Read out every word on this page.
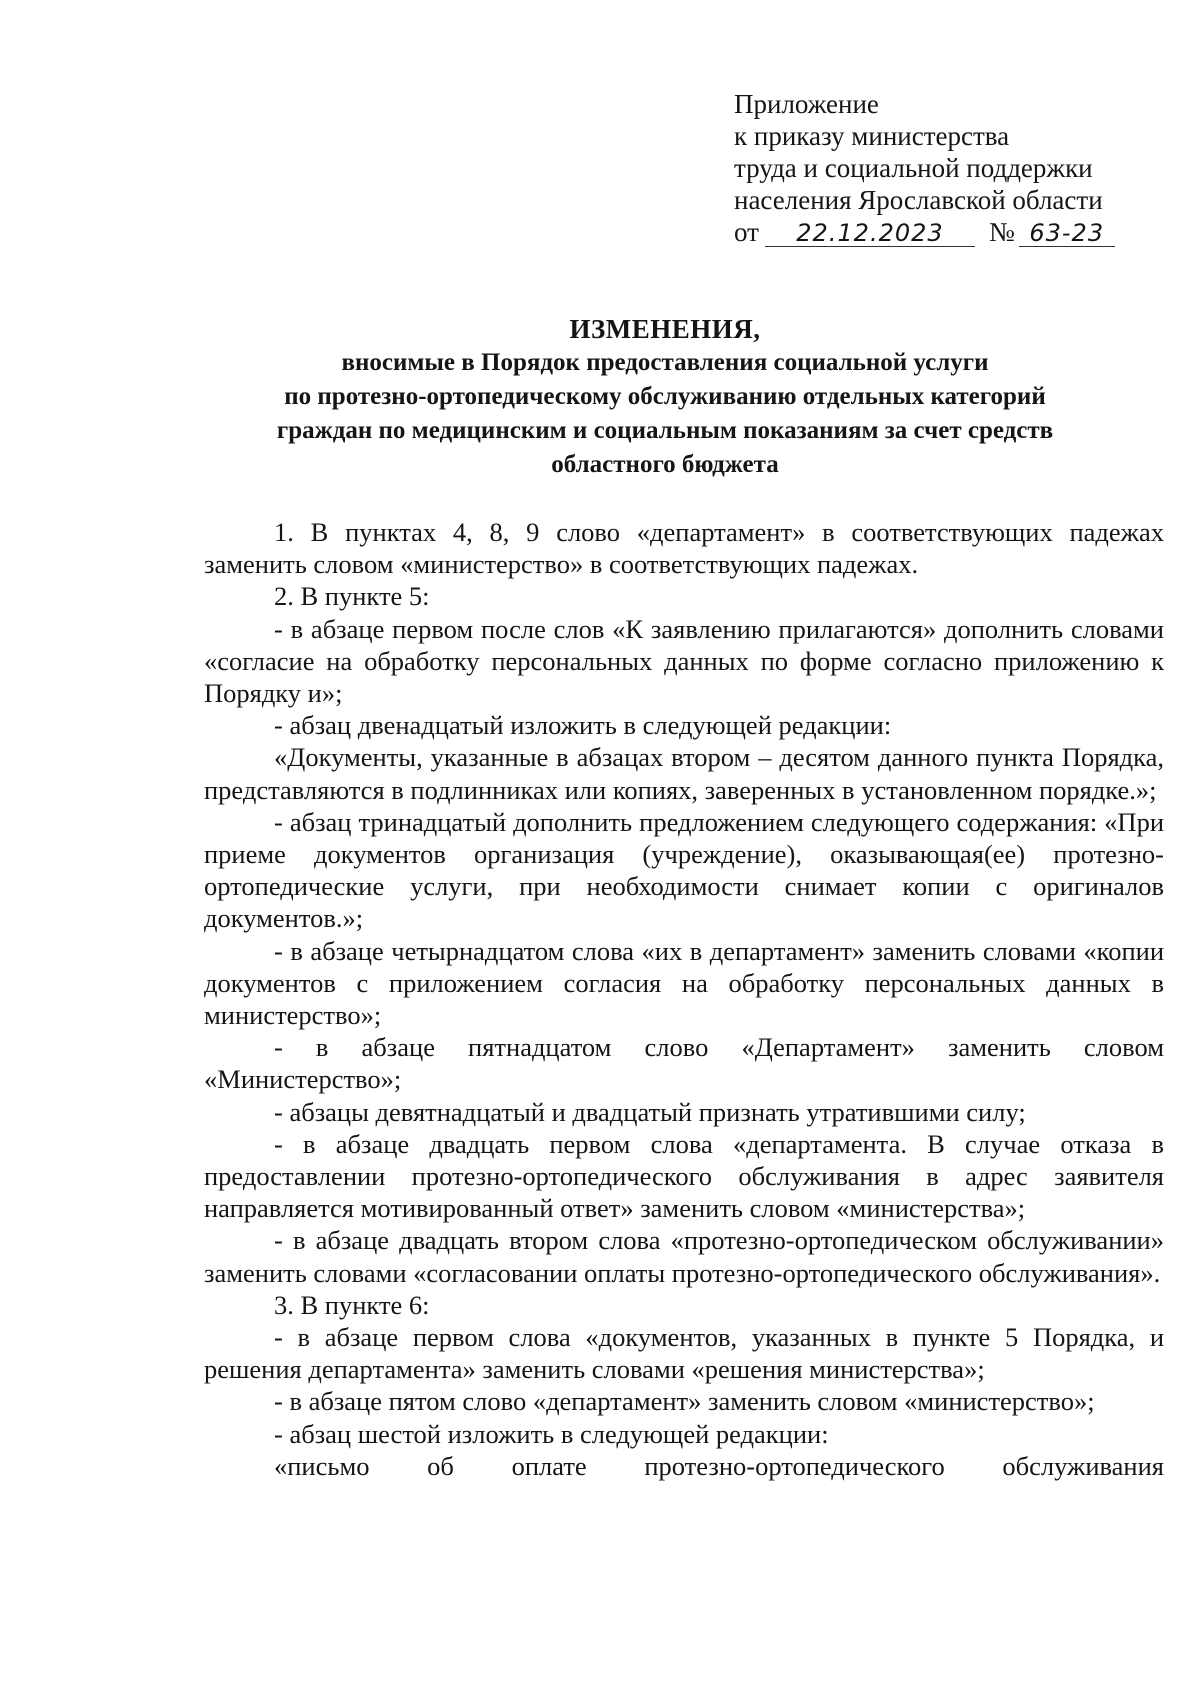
Приложение
к приказу министерства
труда и социальной поддержки
населения Ярославской области
от 22.12.2023 № 63-23
ИЗМЕНЕНИЯ,
вносимые в Порядок предоставления социальной услуги
по протезно-ортопедическому обслуживанию отдельных категорий
граждан по медицинским и социальным показаниям за счет средств
областного бюджета

1. В пунктах 4, 8, 9 слово «департамент» в соответствующих падежах заменить словом «министерство» в соответствующих падежах.

2. В пункте 5:

- в абзаце первом после слов «К заявлению прилагаются» дополнить словами «согласие на обработку персональных данных по форме согласно приложению к Порядку и»;

- абзац двенадцатый изложить в следующей редакции:

«Документы, указанные в абзацах втором – десятом данного пункта Порядка, представляются в подлинниках или копиях, заверенных в установленном порядке.»;

- абзац тринадцатый дополнить предложением следующего содержания: «При приеме документов организация (учреждение), оказывающая(ее) протезно-ортопедические услуги, при необходимости снимает копии с оригиналов документов.»;

- в абзаце четырнадцатом слова «их в департамент» заменить словами «копии документов с приложением согласия на обработку персональных данных в министерство»;

- в абзаце пятнадцатом слово «Департамент» заменить словом «Министерство»;

- абзацы девятнадцатый и двадцатый признать утратившими силу;

- в абзаце двадцать первом слова «департамента. В случае отказа в предоставлении протезно-ортопедического обслуживания в адрес заявителя направляется мотивированный ответ» заменить словом «министерства»;

- в абзаце двадцать втором слова «протезно-ортопедическом обслуживании» заменить словами «согласовании оплаты протезно-ортопедического обслуживания».

3. В пункте 6:

- в абзаце первом слова «документов, указанных в пункте 5 Порядка, и решения департамента» заменить словами «решения министерства»;

- в абзаце пятом слово «департамент» заменить словом «министерство»;

- абзац шестой изложить в следующей редакции:

«письмо об оплате протезно-ортопедического обслуживания
